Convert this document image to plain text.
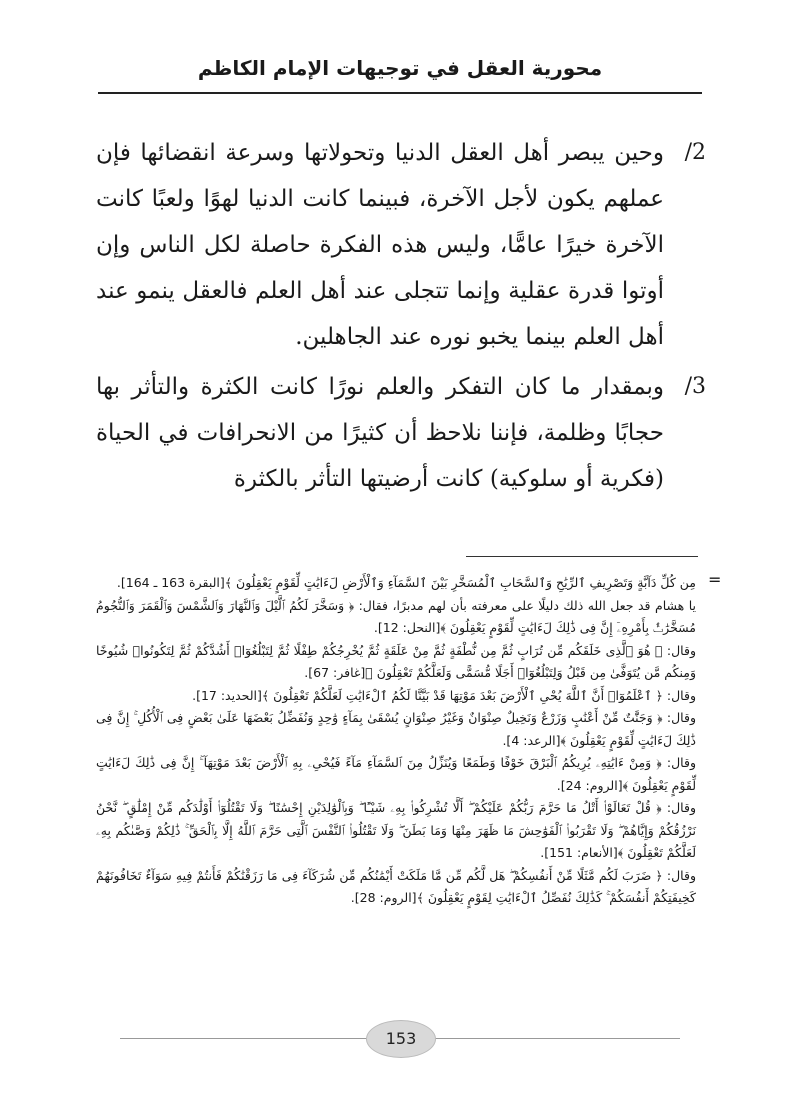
محورية العقل في توجيهات الإمام الكاظم
2/
وحين يبصر أهل العقل الدنيا وتحولاتها وسرعة انقضائها فإن عملهم يكون لأجل الآخرة، فبينما كانت الدنيا لهوًا ولعبًا كانت الآخرة خيرًا عامًّا، وليس هذه الفكرة حاصلة لكل الناس وإن أوتوا قدرة عقلية وإنما تتجلى عند أهل العلم فالعقل ينمو عند أهل العلم بينما يخبو نوره عند الجاهلين.
3/
وبمقدار ما كان التفكر والعلم نورًا كانت الكثرة والتأثر بها حجابًا وظلمة، فإننا نلاحظ أن كثيرًا من الانحرافات في الحياة (فكرية أو سلوكية) كانت أرضيتها التأثر بالكثرة
=

مِن كُلِّ دَآبَّةٍ وَتَصْرِيفِ ٱلرِّيَٰحِ وَٱلسَّحَابِ ٱلْمُسَخَّرِ بَيْنَ ٱلسَّمَآءِ وَٱلْأَرْضِ لَءَايَٰتٍ لِّقَوْمٍ يَعْقِلُونَ ﴾[البقرة 163 ـ 164].

يا هشام قد جعل الله ذلك دليلًا على معرفته بأن لهم مدبرًا، فقال: ﴿ وَسَخَّرَ لَكُمُ ٱلَّيْلَ وَٱلنَّهَارَ وَٱلشَّمْسَ وَٱلْقَمَرَ وَٱلنُّجُومُ مُسَخَّرَٰتٌۢ بِأَمْرِهِۦٓ إِنَّ فِى ذَٰلِكَ لَءَايَٰتٍ لِّقَوْمٍ يَعْقِلُونَ ﴾[النحل: 12].

وقال: ﴿ هُوَ ٱلَّذِى خَلَقَكُم مِّن تُرَابٍ ثُمَّ مِن نُّطْفَةٍ ثُمَّ مِنْ عَلَقَةٍ ثُمَّ يُخْرِجُكُمْ طِفْلًا ثُمَّ لِتَبْلُغُوٓا۟ أَشُدَّكُمْ ثُمَّ لِتَكُونُوا۟ شُيُوخًا وَمِنكُم مَّن يُتَوَفَّىٰ مِن قَبْلُ وَلِتَبْلُغُوٓا۟ أَجَلًا مُّسَمًّى وَلَعَلَّكُمْ تَعْقِلُونَ ﴾[غافر: 67].

وقال: ﴿ ٱعْلَمُوٓا۟ أَنَّ ٱللَّهَ يُحْىِ ٱلْأَرْضَ بَعْدَ مَوْتِهَا قَدْ بَيَّنَّا لَكُمُ ٱلْءَايَٰتِ لَعَلَّكُمْ تَعْقِلُونَ ﴾[الحديد: 17].

وقال: ﴿ وَجَنَّٰتٌ مِّنْ أَعْنَٰبٍ وَزَرْعٌ وَنَخِيلٌ صِنْوَانٌ وَغَيْرُ صِنْوَانٍ يُسْقَىٰ بِمَآءٍ وَٰحِدٍ وَنُفَضِّلُ بَعْضَهَا عَلَىٰ بَعْضٍ فِى ٱلْأُكُلِ ۚ إِنَّ فِى ذَٰلِكَ لَءَايَٰتٍ لِّقَوْمٍ يَعْقِلُونَ ﴾[الرعد: 4].

وقال: ﴿ وَمِنْ ءَايَٰتِهِۦ يُرِيكُمُ ٱلْبَرْقَ خَوْفًا وَطَمَعًا وَيُنَزِّلُ مِنَ ٱلسَّمَآءِ مَآءً فَيُحْىِۦ بِهِ ٱلْأَرْضَ بَعْدَ مَوْتِهَآ ۚ إِنَّ فِى ذَٰلِكَ لَءَايَٰتٍ لِّقَوْمٍ يَعْقِلُونَ ﴾[الروم: 24].

وقال: ﴿ قُلْ تَعَالَوْا۟ أَتْلُ مَا حَرَّمَ رَبُّكُمْ عَلَيْكُمْ ۖ أَلَّا تُشْرِكُوا۟ بِهِۦ شَيْـًٔا ۖ وَبِٱلْوَٰلِدَيْنِ إِحْسَٰنًا ۖ وَلَا تَقْتُلُوٓا۟ أَوْلَٰدَكُم مِّنْ إِمْلَٰقٍ ۖ نَّحْنُ نَرْزُقُكُمْ وَإِيَّاهُمْ ۖ وَلَا تَقْرَبُوا۟ ٱلْفَوَٰحِشَ مَا ظَهَرَ مِنْهَا وَمَا بَطَنَ ۖ وَلَا تَقْتُلُوا۟ ٱلنَّفْسَ ٱلَّتِى حَرَّمَ ٱللَّهُ إِلَّا بِٱلْحَقِّ ۚ ذَٰلِكُمْ وَصَّىٰكُم بِهِۦ لَعَلَّكُمْ تَعْقِلُونَ ﴾[الأنعام: 151].

وقال: ﴿ ضَرَبَ لَكُم مَّثَلًا مِّنْ أَنفُسِكُمْ ۖ هَل لَّكُم مِّن مَّا مَلَكَتْ أَيْمَٰنُكُم مِّن شُرَكَآءَ فِى مَا رَزَقْنَٰكُمْ فَأَنتُمْ فِيهِ سَوَآءٌ تَخَافُونَهُمْ كَخِيفَتِكُمْ أَنفُسَكُمْ ۚ كَذَٰلِكَ نُفَصِّلُ ٱلْءَايَٰتِ لِقَوْمٍ يَعْقِلُونَ ﴾[الروم: 28].

153
